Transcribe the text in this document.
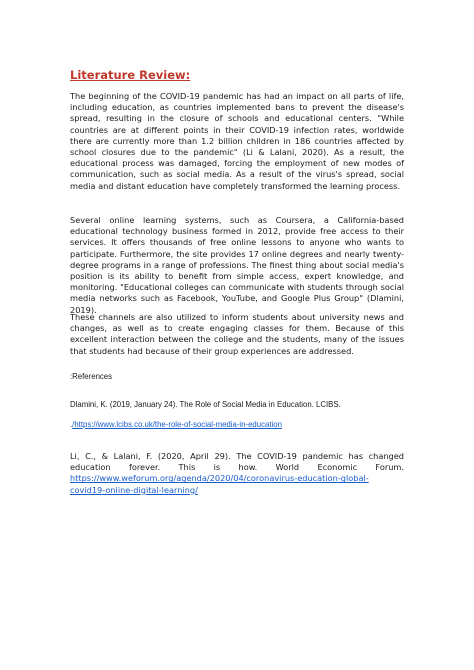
Literature Review:

The beginning of the COVID-19 pandemic has had an impact on all parts of life, including education, as countries implemented bans to prevent the disease's spread, resulting in the closure of schools and educational centers. "While countries are at different points in their COVID-19 infection rates, worldwide there are currently more than 1.2 billion children in 186 countries affected by school closures due to the pandemic" (Li & Lalani, 2020). As a result, the educational process was damaged, forcing the employment of new modes of communication, such as social media. As a result of the virus's spread, social media and distant education have completely transformed the learning process.

Several online learning systems, such as Coursera, a California-based educational technology business formed in 2012, provide free access to their services. It offers thousands of free online lessons to anyone who wants to participate. Furthermore, the site provides 17 online degrees and nearly twenty-degree programs in a range of professions. The finest thing about social media's position is its ability to benefit from simple access, expert knowledge, and monitoring. "Educational colleges can communicate with students through social media networks such as Facebook, YouTube, and Google Plus Group" (Dlamini, 2019).

These channels are also utilized to inform students about university news and changes, as well as to create engaging classes for them. Because of this excellent interaction between the college and the students, many of the issues that students had because of their group experiences are addressed.

:References

Dlamini, K. (2019, January 24). The Role of Social Media in Education. LCIBS.

./https://www.lcibs.co.uk/the-role-of-social-media-in-education

Li, C., & Lalani, F. (2020, April 29). The COVID-19 pandemic has changed education forever. This is how. World Economic Forum. https://www.weforum.org/agenda/2020/04/coronavirus-education-global-covid19-online-digital-learning/
